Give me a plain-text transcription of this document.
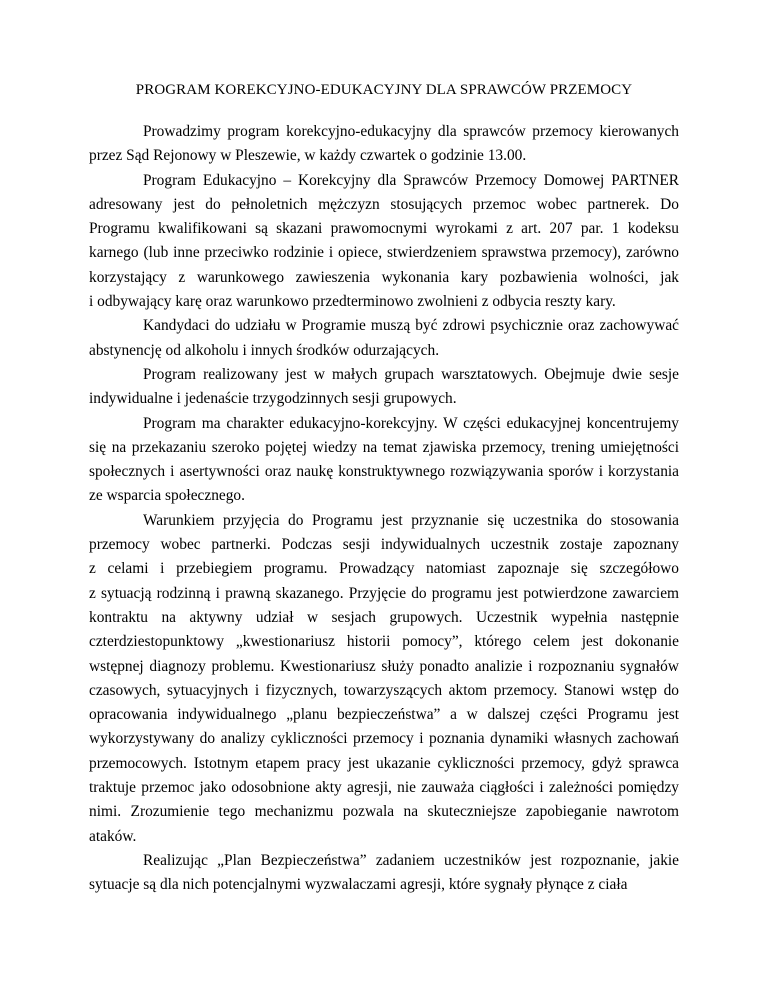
PROGRAM KOREKCYJNO-EDUKACYJNY DLA SPRAWCÓW PRZEMOCY
Prowadzimy program korekcyjno-edukacyjny dla sprawców przemocy kierowanych
przez Sąd Rejonowy w Pleszewie, w każdy czwartek o godzinie 13.00.
Program Edukacyjno – Korekcyjny dla Sprawców Przemocy Domowej PARTNER
adresowany jest do pełnoletnich mężczyzn stosujących przemoc wobec partnerek. Do
Programu kwalifikowani są skazani prawomocnymi wyrokami z art. 207 par. 1 kodeksu
karnego (lub inne przeciwko rodzinie i opiece, stwierdzeniem sprawstwa przemocy), zarówno
korzystający z warunkowego zawieszenia wykonania kary pozbawienia wolności, jak
i odbywający karę oraz warunkowo przedterminowo zwolnieni z odbycia reszty kary.
Kandydaci do udziału w Programie muszą być zdrowi psychicznie oraz zachowywać
abstynencję od alkoholu i innych środków odurzających.
Program realizowany jest w małych grupach warsztatowych. Obejmuje dwie sesje
indywidualne i jedenaście trzygodzinnych sesji grupowych.
Program ma charakter edukacyjno-korekcyjny. W części edukacyjnej koncentrujemy
się na przekazaniu szeroko pojętej wiedzy na temat zjawiska przemocy, trening umiejętności
społecznych i asertywności oraz naukę konstruktywnego rozwiązywania sporów i korzystania
ze wsparcia społecznego.
Warunkiem przyjęcia do Programu jest przyznanie się uczestnika do stosowania
przemocy wobec partnerki. Podczas sesji indywidualnych uczestnik zostaje zapoznany
z celami i przebiegiem programu. Prowadzący natomiast zapoznaje się szczegółowo
z sytuacją rodzinną i prawną skazanego. Przyjęcie do programu jest potwierdzone zawarciem
kontraktu na aktywny udział w sesjach grupowych. Uczestnik wypełnia następnie
czterdziestopunktowy „kwestionariusz historii pomocy”, którego celem jest dokonanie
wstępnej diagnozy problemu. Kwestionariusz służy ponadto analizie i rozpoznaniu sygnałów
czasowych, sytuacyjnych i fizycznych, towarzyszących aktom przemocy. Stanowi wstęp do
opracowania indywidualnego „planu bezpieczeństwa” a w dalszej części Programu jest
wykorzystywany do analizy cykliczności przemocy i poznania dynamiki własnych zachowań
przemocowych. Istotnym etapem pracy jest ukazanie cykliczności przemocy, gdyż sprawca
traktuje przemoc jako odosobnione akty agresji, nie zauważa ciągłości i zależności pomiędzy
nimi. Zrozumienie tego mechanizmu pozwala na skuteczniejsze zapobieganie nawrotom
ataków.
Realizując „Plan Bezpieczeństwa” zadaniem uczestników jest rozpoznanie, jakie
sytuacje są dla nich potencjalnymi wyzwalaczami agresji, które sygnały płynące z ciała
